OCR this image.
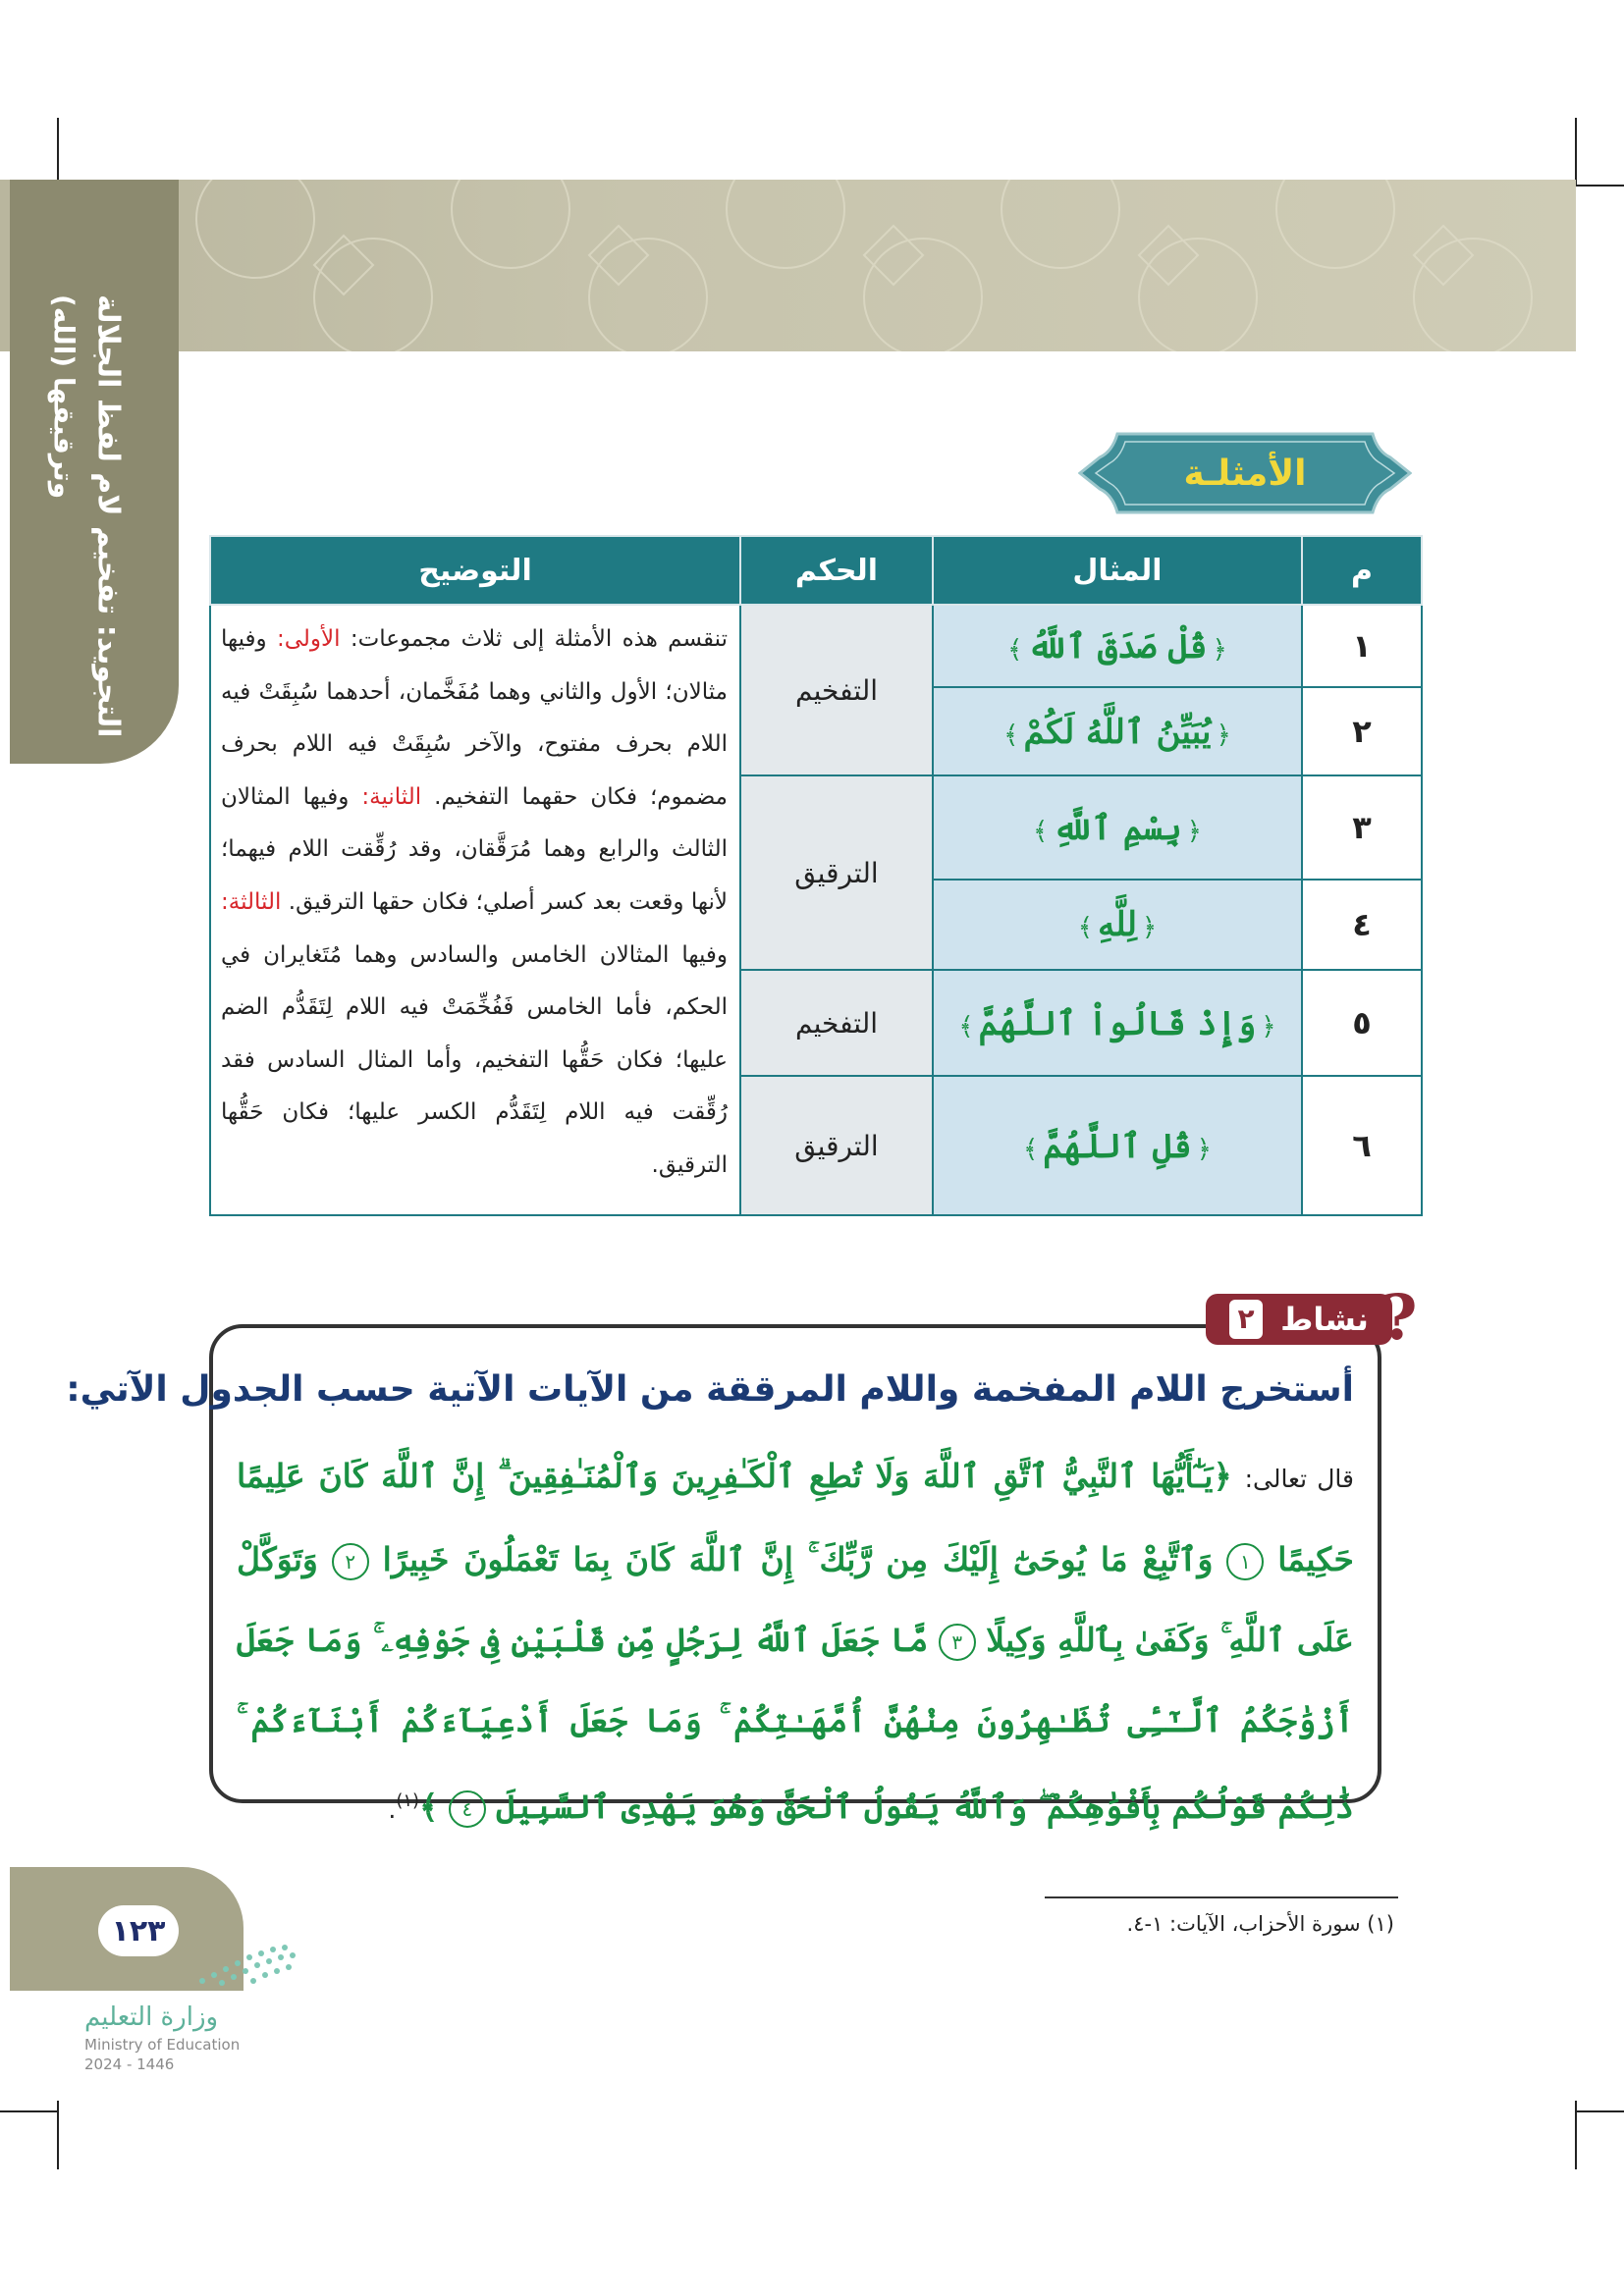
التجويد: تفخيم لام لفظ الجلالة
(الله) وترقيقها	الأمثلـة
م	المثال	الحكم	التوضيح
١	﴿ قُلْ صَدَقَ ٱللَّهُ ﴾	التفخيم	تنقسم هذه الأمثلة إلى ثلاث مجموعات: الأولى: وفيها مثالان؛ الأول والثاني وهما مُفَخَّمان، أحدهما سُبِقَتْ فيه اللام بحرف مفتوح، والآخر سُبِقَتْ فيه اللام بحرف مضموم؛ فكان حقهما التفخيم. الثانية: وفيها المثالان الثالث والرابع وهما مُرَقَّقان، وقد رُقِّقت اللام فيهما؛ لأنها وقعت بعد كسر أصلي؛ فكان حقها الترقيق. الثالثة: وفيها المثالان الخامس والسادس وهما مُتَغايران في الحكم، فأما الخامس فَفُخِّمَتْ فيه اللام لِتَقَدُّم الضم عليها؛ فكان حَقُّها التفخيم، وأما المثال السادس فقد رُقِّقت فيه اللام لِتَقَدُّم الكسر عليها؛ فكان حَقُّها الترقيق.
٢	﴿ يُبَيِّنُ ٱللَّهُ لَكُمْ ﴾		
٣	﴿ بِسْمِ ٱللَّهِ ﴾	الترقيق	
٤	﴿ لِلَّهِ ﴾		
٥	﴿ وَإِذْ قَالُواْ ٱللَّهُمَّ ﴾	التفخيم	
٦	﴿ قُلِ ٱللَّهُمَّ ﴾	الترقيق	
أستخرج اللام المفخمة واللام المرققة من الآيات الآتية حسب الجدول الآتي:
قال تعالى: ﴿يَـٰٓأَيُّهَا ٱلنَّبِيُّ ٱتَّقِ ٱللَّهَ وَلَا تُطِعِ ٱلْكَـٰفِرِينَ وَٱلْمُنَـٰفِقِينَ ۗ إِنَّ ٱللَّهَ كَانَ عَلِيمًا حَكِيمًا ١ وَٱتَّبِعْ مَا يُوحَىٰٓ إِلَيْكَ مِن رَّبِّكَ ۚ إِنَّ ٱللَّهَ كَانَ بِمَا تَعْمَلُونَ خَبِيرًا ٢ وَتَوَكَّلْ عَلَى ٱللَّهِ ۚ وَكَفَىٰ بِٱللَّهِ وَكِيلًا ٣ مَّا جَعَلَ ٱللَّهُ لِرَجُلٍ مِّن قَلْبَيْنِ فِى جَوْفِهِۦ ۚ وَمَا جَعَلَ أَزْوَٰجَكُمُ ٱلَّـٰٓـِٔى تُظَـٰهِرُونَ مِنْهُنَّ أُمَّهَـٰتِكُمْ ۚ وَمَا جَعَلَ أَدْعِيَآءَكُمْ أَبْنَآءَكُمْ ۚ ذَٰلِكُمْ قَوْلُكُم بِأَفْوَٰهِكُمْ ۖ وَٱللَّهُ يَقُولُ ٱلْحَقَّ وَهُوَ يَهْدِى ٱلسَّبِيلَ ٤ ﴾$^{(١)}$.
نشاط
٢ ?
(١) سورة الأحزاب، الآيات: ١-٤.
١٢٣
وزارة التعليم
Ministry of Education
2024 - 1446
